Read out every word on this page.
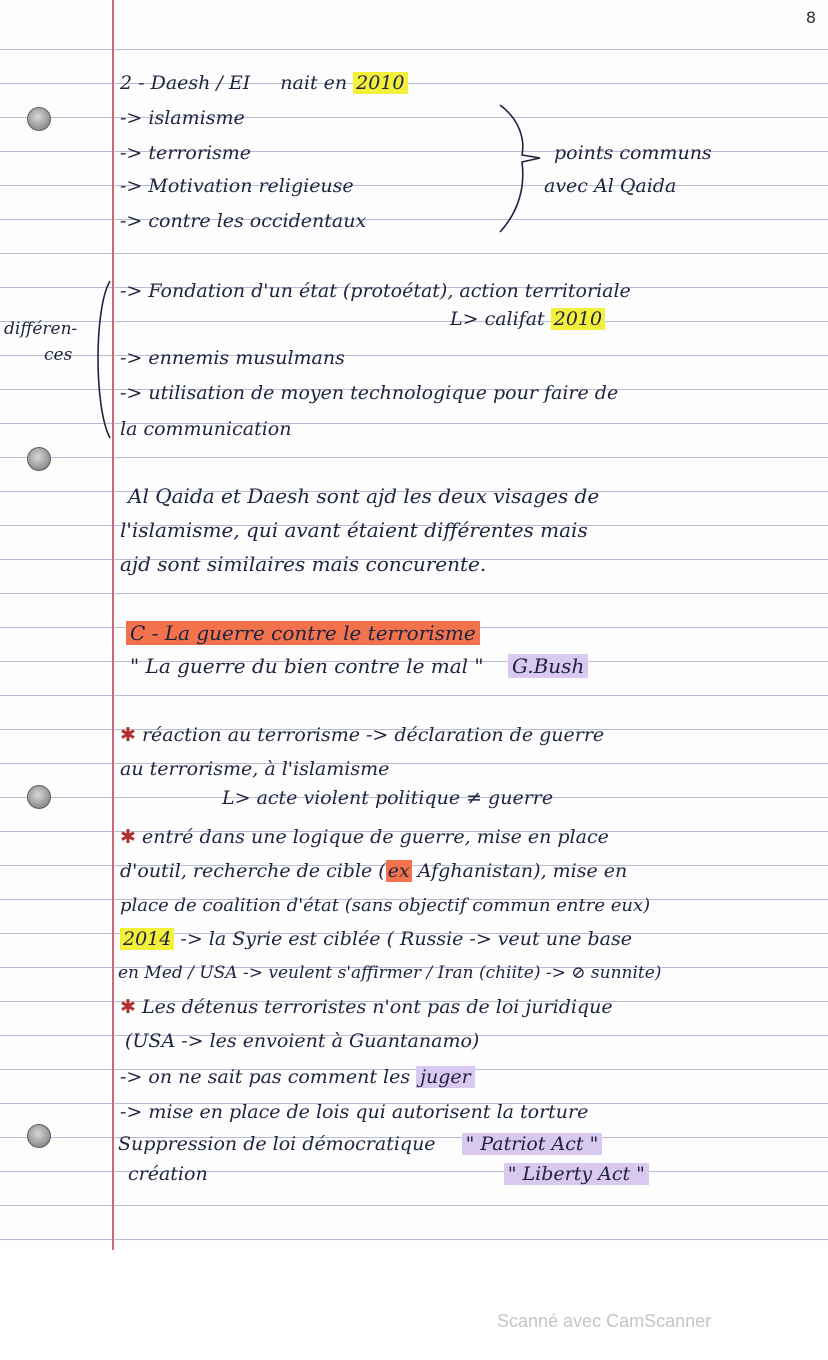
8
2 - Daesh / EI nait en 2010
-> islamisme
-> terrorisme
-> Motivation religieuse
-> contre les occidentaux
points communs
avec Al Qaida
différen-
ces
-> Fondation d'un état (protoétat), action territoriale
L> califat 2010
-> ennemis musulmans
-> utilisation de moyen technologique pour faire de
la communication
Al Qaida et Daesh sont ajd les deux visages de
l'islamisme, qui avant étaient différentes mais
ajd sont similaires mais concurente.
C - La guerre contre le terrorisme
" La guerre du bien contre le mal " G.Bush
✱ réaction au terrorisme -> déclaration de guerre
au terrorisme, à l'islamisme
L> acte violent politique ≠ guerre
✱ entré dans une logique de guerre, mise en place
d'outil, recherche de cible ( ex Afghanistan), mise en
place de coalition d'état (sans objectif commun entre eux)
2014 -> la Syrie est ciblée ( Russie -> veut une base
en Med / USA -> veulent s'affirmer / Iran (chiite) -> ⊘ sunnite)
✱ Les détenus terroristes n'ont pas de loi juridique
(USA -> les envoient à Guantanamo)
-> on ne sait pas comment les juger
-> mise en place de lois qui autorisent la torture
Suppression de loi démocratique " Patriot Act "
création	" Liberty Act "
Scanné avec CamScanner
